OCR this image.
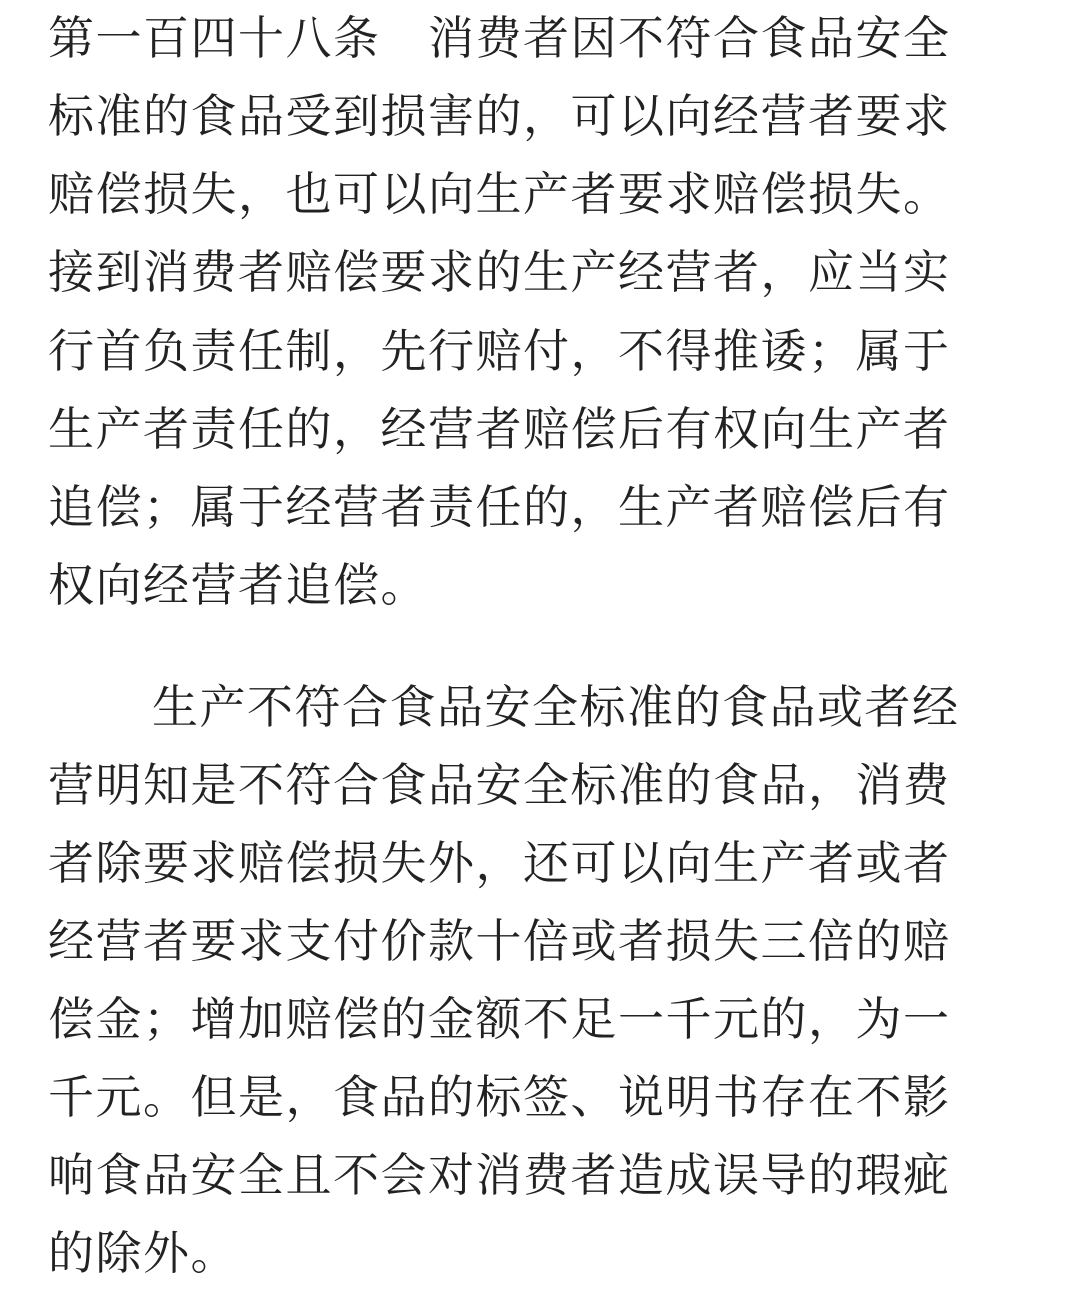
第一百四十八条　消费者因不符合食品安全
标准的食品受到损害的，可以向经营者要求
赔偿损失，也可以向生产者要求赔偿损失。
接到消费者赔偿要求的生产经营者，应当实
行首负责任制，先行赔付，不得推诿；属于
生产者责任的，经营者赔偿后有权向生产者
追偿；属于经营者责任的，生产者赔偿后有
权向经营者追偿。
生产不符合食品安全标准的食品或者经
营明知是不符合食品安全标准的食品，消费
者除要求赔偿损失外，还可以向生产者或者
经营者要求支付价款十倍或者损失三倍的赔
偿金；增加赔偿的金额不足一千元的，为一
千元。但是，食品的标签、说明书存在不影
响食品安全且不会对消费者造成误导的瑕疵
的除外。
